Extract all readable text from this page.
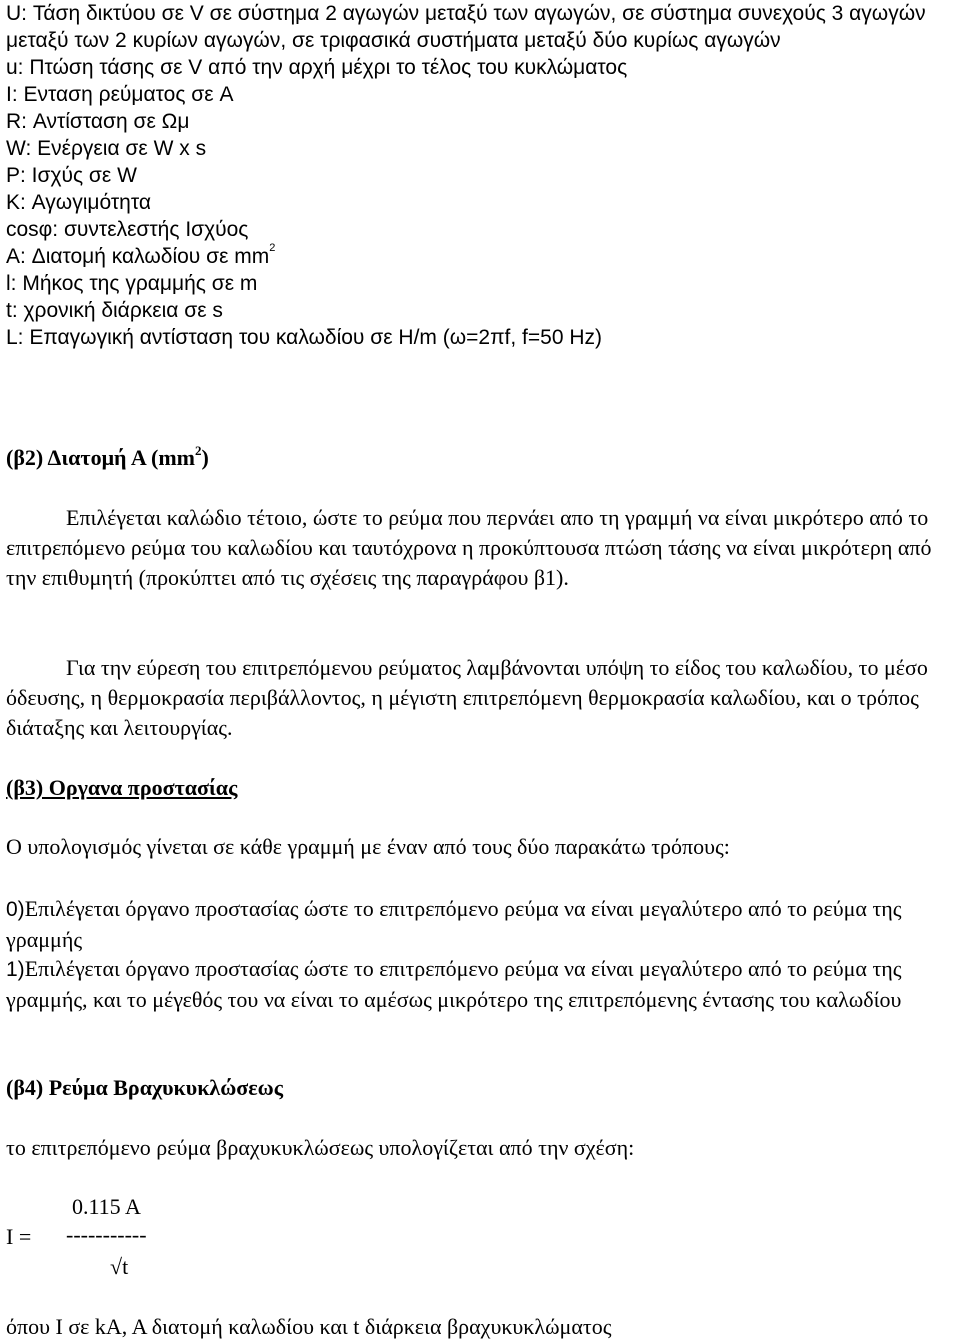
U: Τάση δικτύου σε V σε σύστημα 2 αγωγών μεταξύ των αγωγών, σε σύστημα συνεχούς 3 αγωγών μεταξύ των 2 κυρίων αγωγών, σε τριφασικά συστήματα μεταξύ δύο κυρίως αγωγών
u: Πτώση τάσης σε V από την αρχή μέχρι το τέλος του κυκλώματος
I: Ενταση ρεύματος σε A
R: Αντίσταση σε Ωμ
W: Ενέργεια σε W x s
P: Ισχύς σε W
K: Αγωγιμότητα
cosφ: συντελεστής Ισχύος
A: Διατομή καλωδίου σε $mm^2$
l: Μήκος της γραμμής σε m
t: χρονική διάρκεια σε s
L: Επαγωγική αντίσταση του καλωδίου σε Η/m (ω=2πf, f=50 Hz)
(β2) Διατομή Α $(mm^2)$
Επιλέγεται καλώδιο τέτοιο, ώστε το ρεύμα που περνάει απο τη γραμμή να είναι μικρότερο από το επιτρεπόμενο ρεύμα του καλωδίου και ταυτόχρονα η προκύπτουσα πτώση τάσης να είναι μικρότερη από την επιθυμητή (προκύπτει από τις σχέσεις της παραγράφου β1).
Για την εύρεση του επιτρεπόμενου ρεύματος λαμβάνονται υπόψη το είδος του καλωδίου, το μέσο όδευσης, η θερμοκρασία περιβάλλοντος, η μέγιστη επιτρεπόμενη θερμοκρασία καλωδίου, και ο τρόπος διάταξης και λειτουργίας.
(β3) Οργανα προστασίας
Ο υπολογισμός γίνεται σε κάθε γραμμή με έναν από τους δύο παρακάτω τρόπους:
0)Επιλέγεται όργανο προστασίας ώστε το επιτρεπόμενο ρεύμα να είναι μεγαλύτερο από το ρεύμα της γραμμής
1)Επιλέγεται όργανο προστασίας ώστε το επιτρεπόμενο ρεύμα να είναι μεγαλύτερο από το ρεύμα της γραμμής, και το μέγεθός του να είναι το αμέσως μικρότερο της επιτρεπόμενης έντασης του καλωδίου
(β4) Ρεύμα Βραχυκυκλώσεως
το επιτρεπόμενο ρεύμα βραχυκυκλώσεως υπολογίζεται από την σχέση:
0.115 A
I = -----------
√t
όπου I σε kA, A διατομή καλωδίου και t διάρκεια βραχυκυκλώματος
